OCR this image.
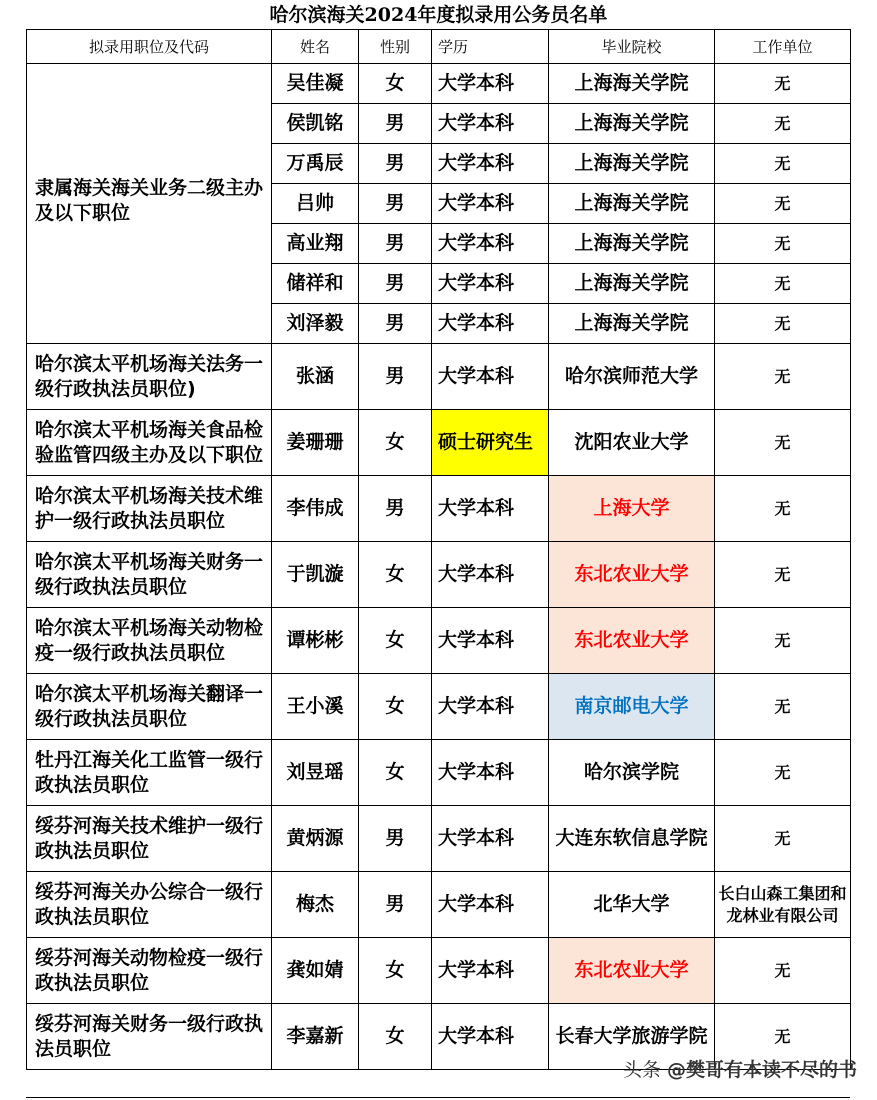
哈尔滨海关2024年度拟录用公务员名单
拟录用职位及代码	姓名	性别	学历	毕业院校	工作单位
隶属海关海关业务二级主办及以下职位	吴佳凝	女	大学本科	上海海关学院	无
	侯凯铭	男	大学本科	上海海关学院	无
	万禹辰	男	大学本科	上海海关学院	无
	吕帅	男	大学本科	上海海关学院	无
	高业翔	男	大学本科	上海海关学院	无
	储祥和	男	大学本科	上海海关学院	无
	刘泽毅	男	大学本科	上海海关学院	无
哈尔滨太平机场海关法务一级行政执法员职位)	张涵	男	大学本科	哈尔滨师范大学	无
哈尔滨太平机场海关食品检验监管四级主办及以下职位	姜珊珊	女	硕士研究生	沈阳农业大学	无
哈尔滨太平机场海关技术维护一级行政执法员职位	李伟成	男	大学本科	上海大学	无
哈尔滨太平机场海关财务一级行政执法员职位	于凯漩	女	大学本科	东北农业大学	无
哈尔滨太平机场海关动物检疫一级行政执法员职位	谭彬彬	女	大学本科	东北农业大学	无
哈尔滨太平机场海关翻译一级行政执法员职位	王小溪	女	大学本科	南京邮电大学	无
牡丹江海关化工监管一级行政执法员职位	刘昱瑶	女	大学本科	哈尔滨学院	无
绥芬河海关技术维护一级行政执法员职位	黄炳源	男	大学本科	大连东软信息学院	无
绥芬河海关办公综合一级行政执法员职位	梅杰	男	大学本科	北华大学	长白山森工集团和龙林业有限公司
绥芬河海关动物检疫一级行政执法员职位	龚如婧	女	大学本科	东北农业大学	无
绥芬河海关财务一级行政执法员职位	李嘉新	女	大学本科	长春大学旅游学院	无
头条 @樊哥有本读不尽的书
